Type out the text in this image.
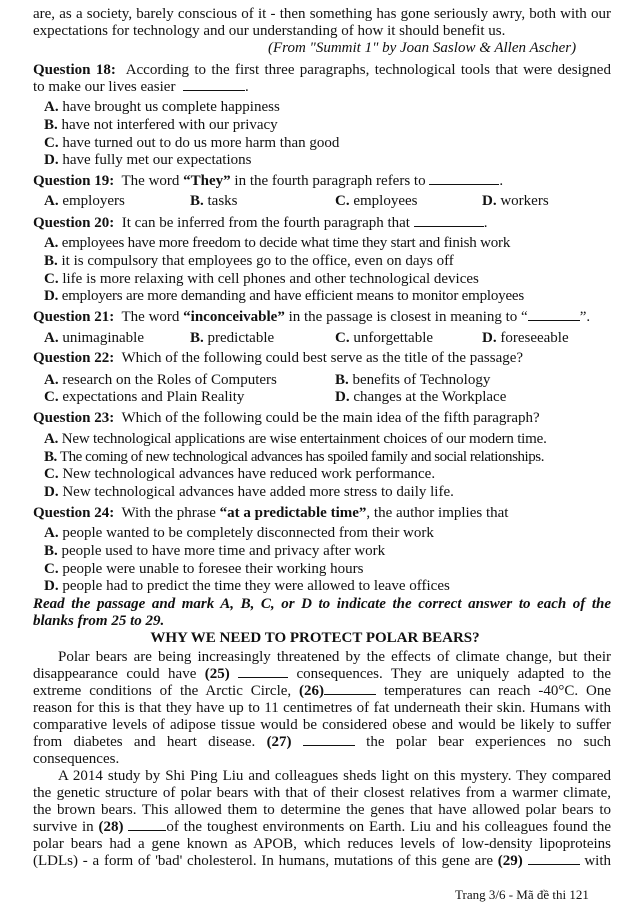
are, as a society, barely conscious of it - then something has gone seriously awry, both with our
expectations for technology and our understanding of how it should benefit us.
(From "Summit 1" by Joan Saslow & Allen Ascher)
Question 18: According to the first three paragraphs, technological tools that were designed
to make our lives easier	.
A. have brought us complete happiness
B. have not interfered with our privacy
C. have turned out to do us more harm than good
D. have fully met our expectations
Question 19: The word “They” in the fourth paragraph refers to	.
A. employers	B. tasks	C. employees	D. workers
Question 20: It can be inferred from the fourth paragraph that	.
A. employees have more freedom to decide what time they start and finish work
B. it is compulsory that employees go to the office, even on days off
C. life is more relaxing with cell phones and other technological devices
D. employers are more demanding and have efficient means to monitor employees
Question 21: The word “inconceivable” in the passage is closest in meaning to “	”.
A. unimaginable	B. predictable	C. unforgettable	D. foreseeable
Question 22: Which of the following could best serve as the title of the passage?
A. research on the Roles of Computers	B. benefits of Technology
C. expectations and Plain Reality	D. changes at the Workplace
Question 23: Which of the following could be the main idea of the fifth paragraph?
A. New technological applications are wise entertainment choices of our modern time.
B. The coming of new technological advances has spoiled family and social relationships.
C. New technological advances have reduced work performance.
D. New technological advances have added more stress to daily life.
Question 24: With the phrase “at a predictable time”, the author implies that
A. people wanted to be completely disconnected from their work
B. people used to have more time and privacy after work
C. people were unable to foresee their working hours
D. people had to predict the time they were allowed to leave offices
Read the passage and mark A, B, C, or D to indicate the correct answer to each of the
blanks from 25 to 29.
WHY WE NEED TO PROTECT POLAR BEARS?
Polar bears are being increasingly threatened by the effects of climate change, but their
disappearance could have (25)	consequences. They are uniquely adapted to the
extreme conditions of the Arctic Circle, (26)	temperatures can reach -40°C. One
reason for this is that they have up to 11 centimetres of fat underneath their skin. Humans with
comparative levels of adipose tissue would be considered obese and would be likely to suffer
from diabetes and heart disease. (27)	the polar bear experiences no such
consequences.
A 2014 study by Shi Ping Liu and colleagues sheds light on this mystery. They compared
the genetic structure of polar bears with that of their closest relatives from a warmer climate,
the brown bears. This allowed them to determine the genes that have allowed polar bears to
survive in (28)	of the toughest environments on Earth. Liu and his colleagues found the
polar bears had a gene known as APOB, which reduces levels of low-density lipoproteins
(LDLs) - a form of 'bad' cholesterol. In humans, mutations of this gene are (29)	with
Trang 3/6 - Mã đề thi 121
